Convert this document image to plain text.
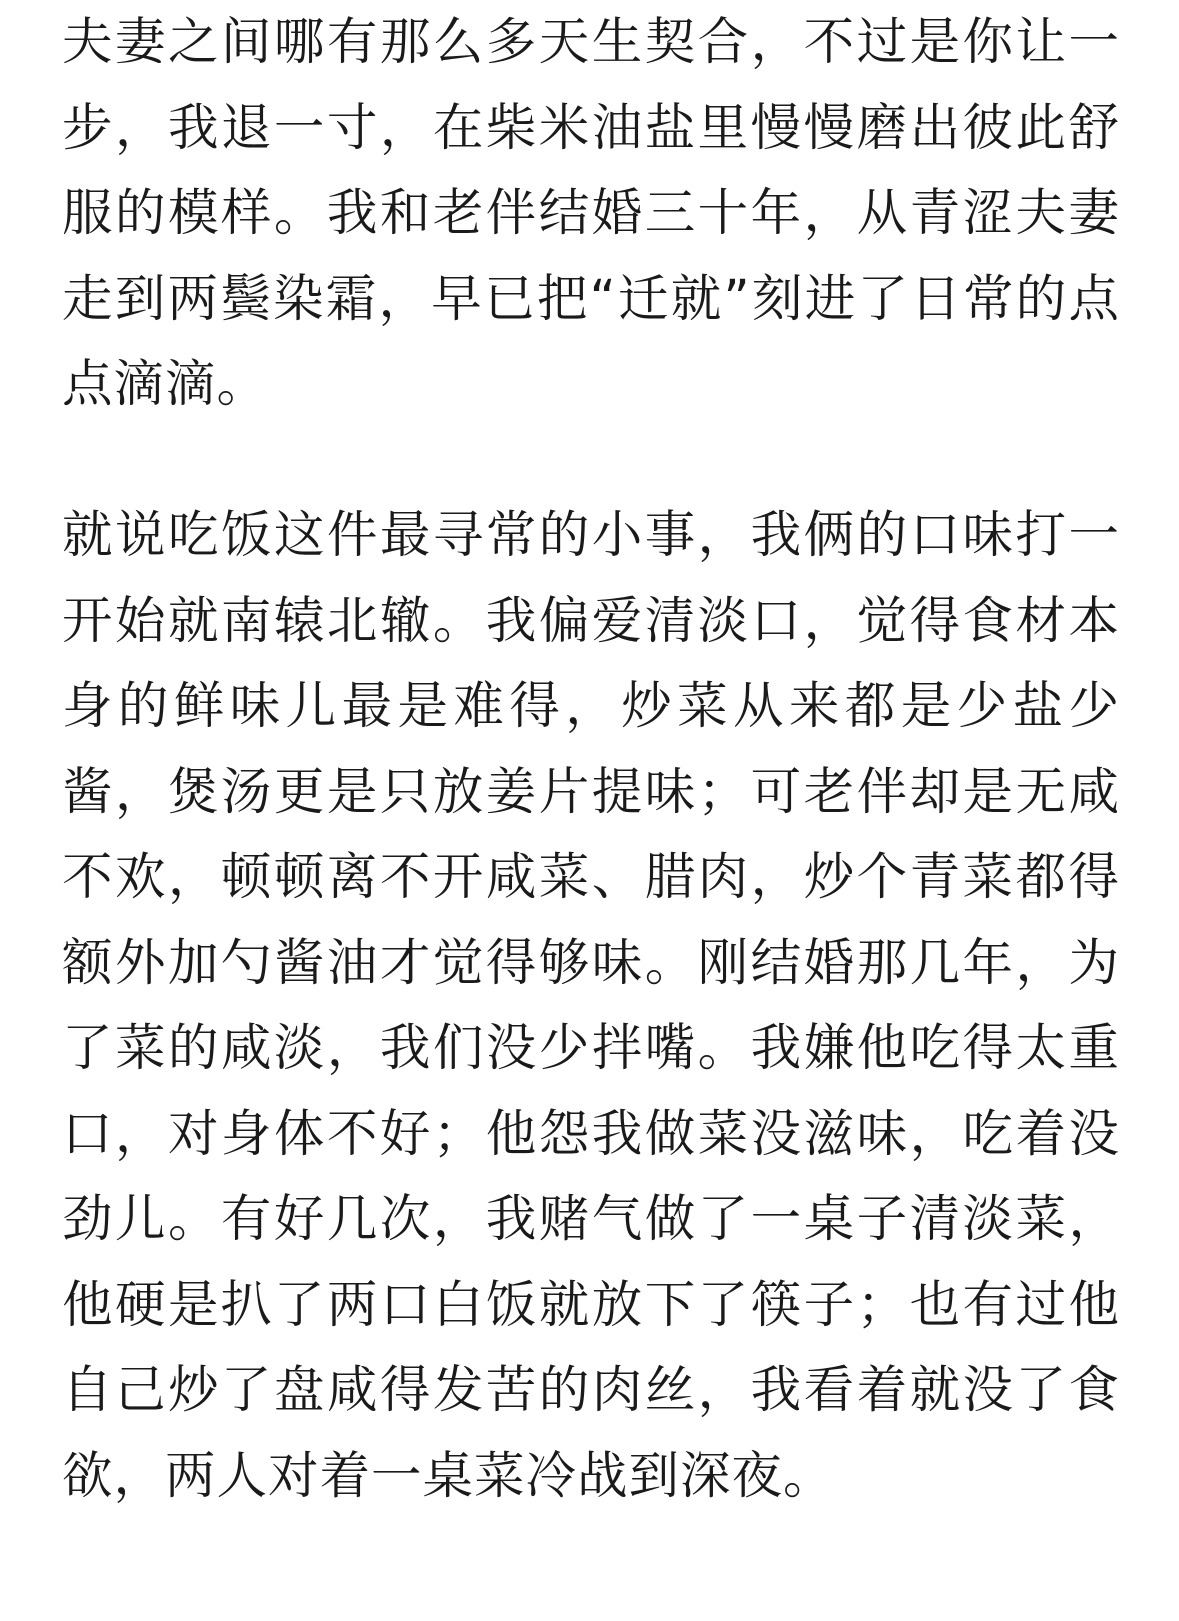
夫妻之间哪有那么多天生契合，不过是你让一步，我退一寸，在柴米油盐里慢慢磨出彼此舒服的模样。我和老伴结婚三十年，从青涩夫妻走到两鬓染霜，早已把“迁就”刻进了日常的点点滴滴。

就说吃饭这件最寻常的小事，我俩的口味打一开始就南辕北辙。我偏爱清淡口，觉得食材本身的鲜味儿最是难得，炒菜从来都是少盐少酱，煲汤更是只放姜片提味；可老伴却是无咸不欢，顿顿离不开咸菜、腊肉，炒个青菜都得额外加勺酱油才觉得够味。刚结婚那几年，为了菜的咸淡，我们没少拌嘴。我嫌他吃得太重口，对身体不好；他怨我做菜没滋味，吃着没劲儿。有好几次，我赌气做了一桌子清淡菜，他硬是扒了两口白饭就放下了筷子；也有过他自己炒了盘咸得发苦的肉丝，我看着就没了食欲，两人对着一桌菜冷战到深夜。
